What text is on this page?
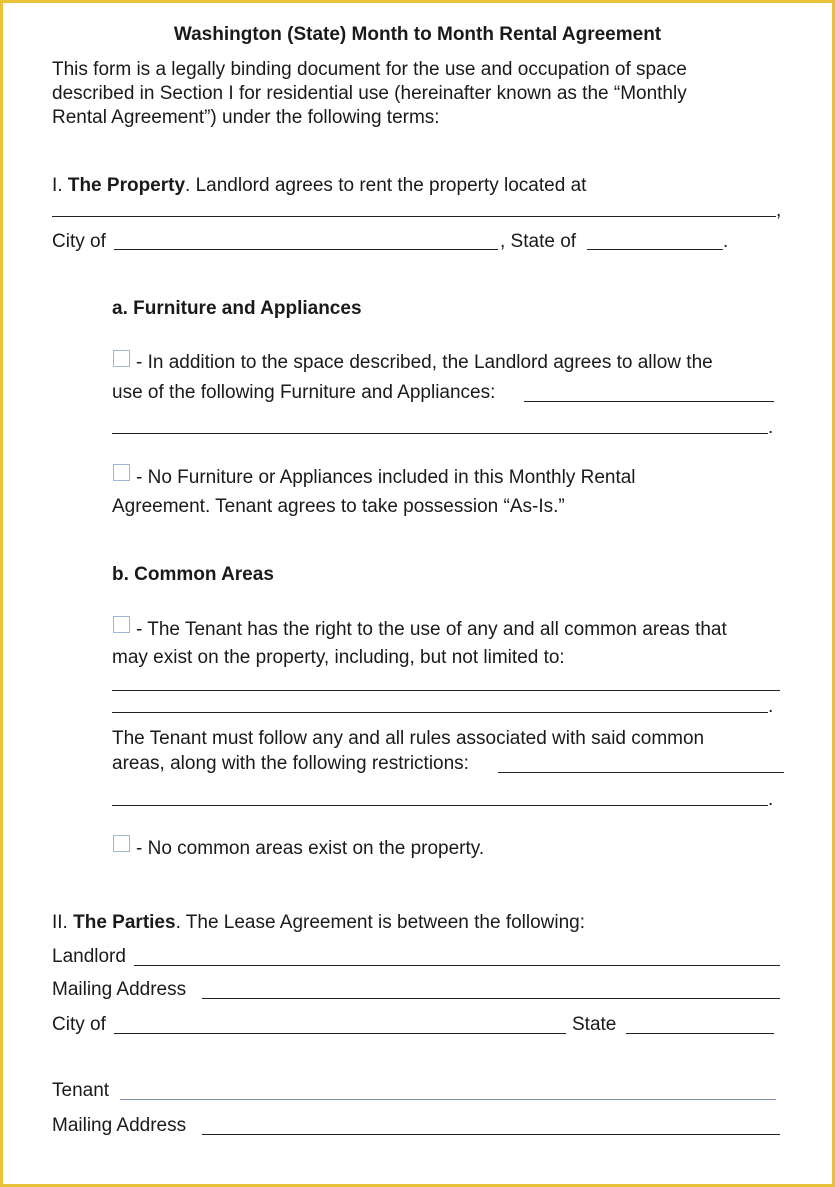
Washington (State) Month to Month Rental Agreement
This form is a legally binding document for the use and occupation of space
described in Section I for residential use (hereinafter known as the “Monthly
Rental Agreement”) under the following terms:
I. The Property. Landlord agrees to rent the property located at
,
City of	, State of	.
a. Furniture and Appliances
- In addition to the space described, the Landlord agrees to allow the
use of the following Furniture and Appliances:
.
- No Furniture or Appliances included in this Monthly Rental
Agreement. Tenant agrees to take possession “As-Is.”
b. Common Areas
- The Tenant has the right to the use of any and all common areas that
may exist on the property, including, but not limited to:
.
The Tenant must follow any and all rules associated with said common
areas, along with the following restrictions:
.
- No common areas exist on the property.
II. The Parties. The Lease Agreement is between the following:
Landlord
Mailing Address
City of	State
Tenant
Mailing Address
